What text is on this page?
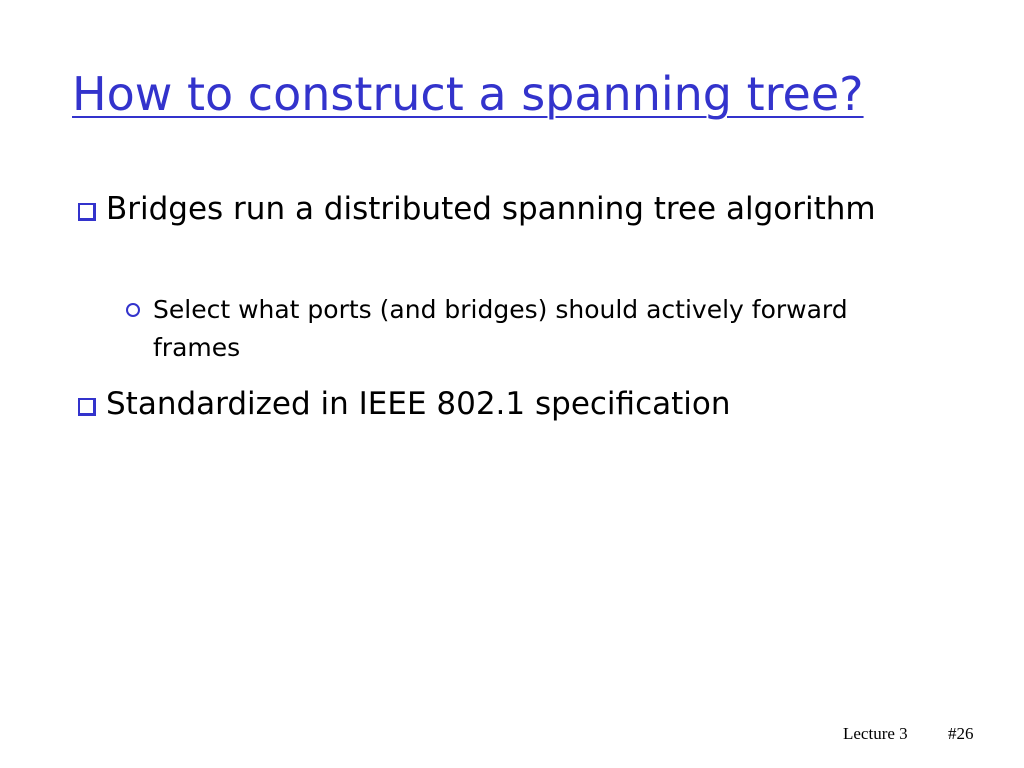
How to construct a spanning tree?
Bridges run a distributed spanning tree algorithm
Select what ports (and bridges) should actively forward frames
Standardized in IEEE 802.1 specification
Lecture 3 #26
